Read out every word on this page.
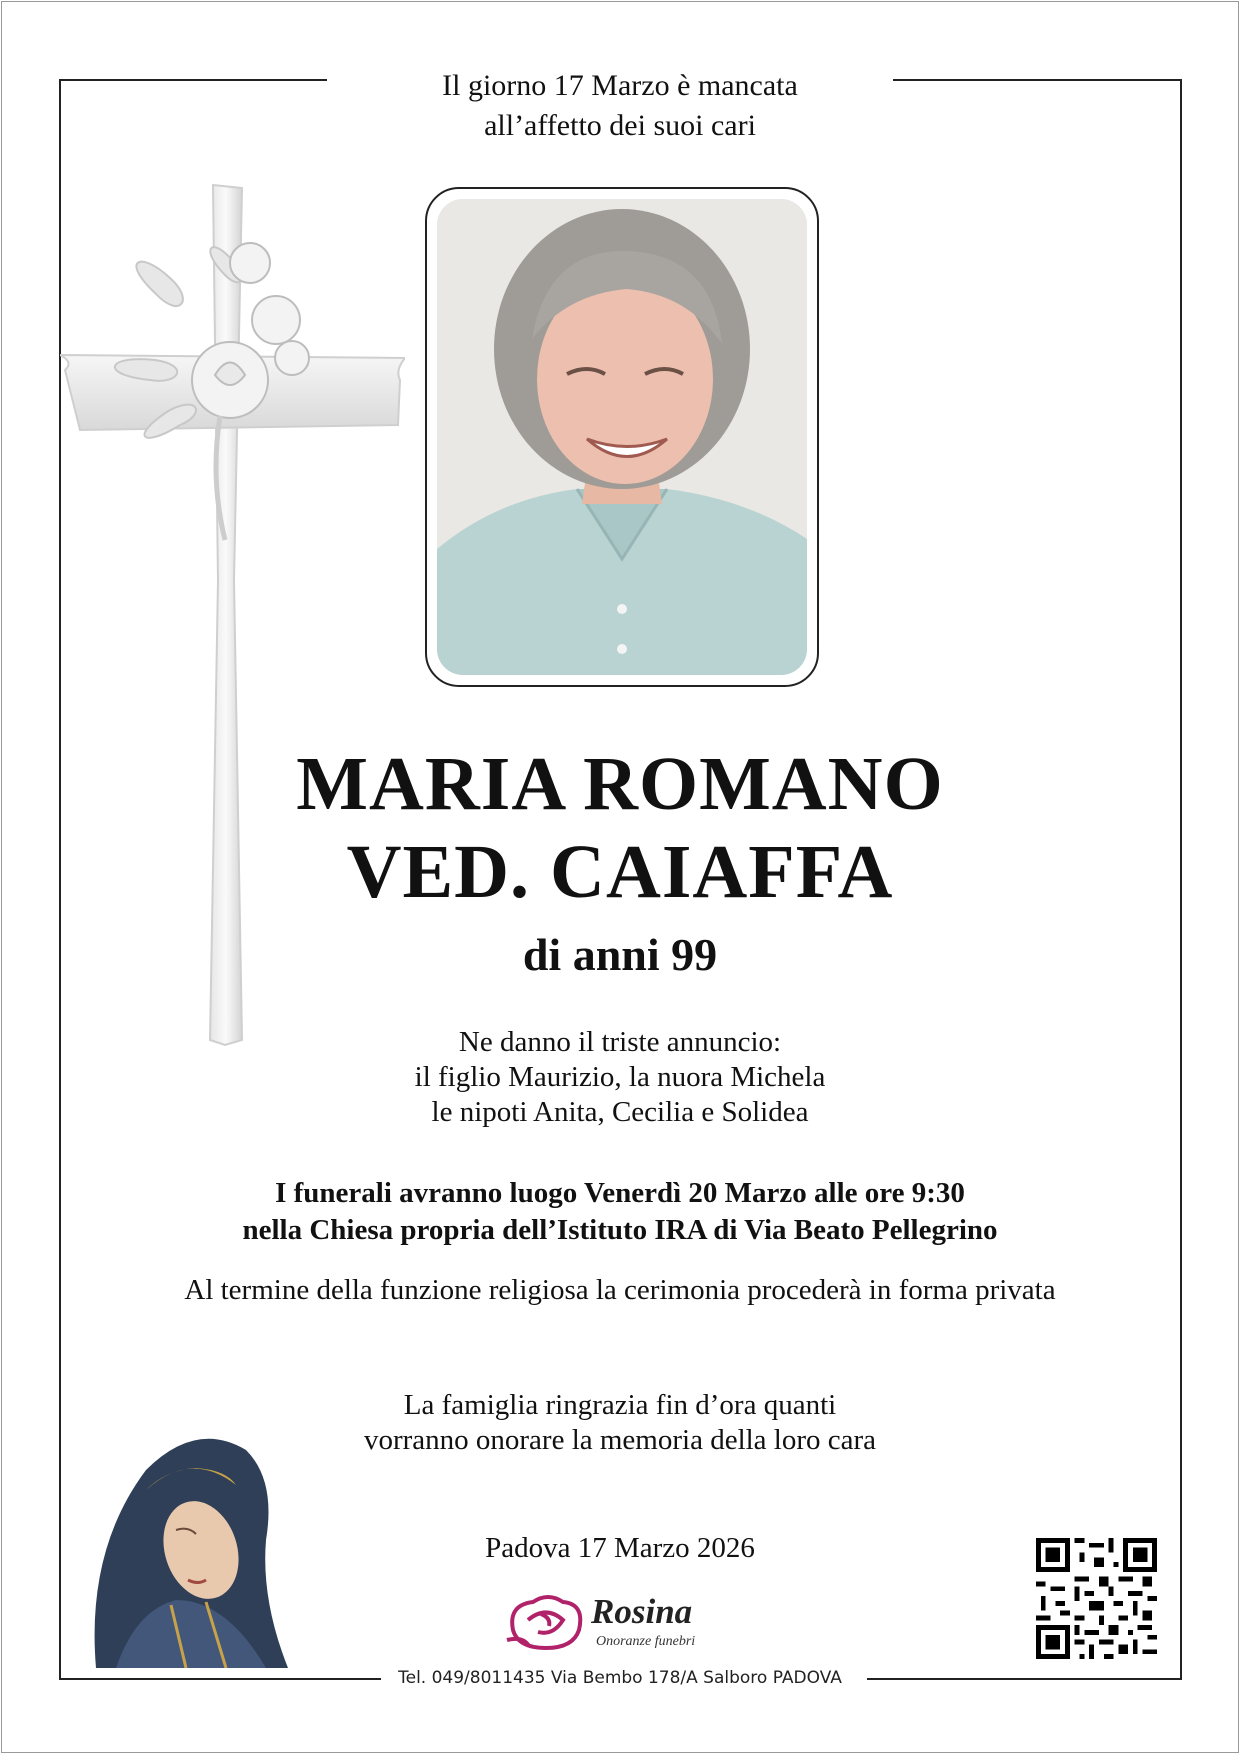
Il giorno 17 Marzo è mancata
all’affetto dei suoi cari
MARIA ROMANO
VED. CAIAFFA
di anni 99
Ne danno il triste annuncio:
il figlio Maurizio, la nuora Michela
le nipoti Anita, Cecilia e Solidea
I funerali avranno luogo Venerdì 20 Marzo alle ore 9:30
nella Chiesa propria dell’Istituto IRA di Via Beato Pellegrino
Al termine della funzione religiosa la cerimonia procederà in forma privata
La famiglia ringrazia fin d’ora quanti
vorranno onorare la memoria della loro cara
Padova 17 Marzo 2026
Rosina
Onoranze funebri
Tel. 049/8011435 Via Bembo 178/A Salboro PADOVA
